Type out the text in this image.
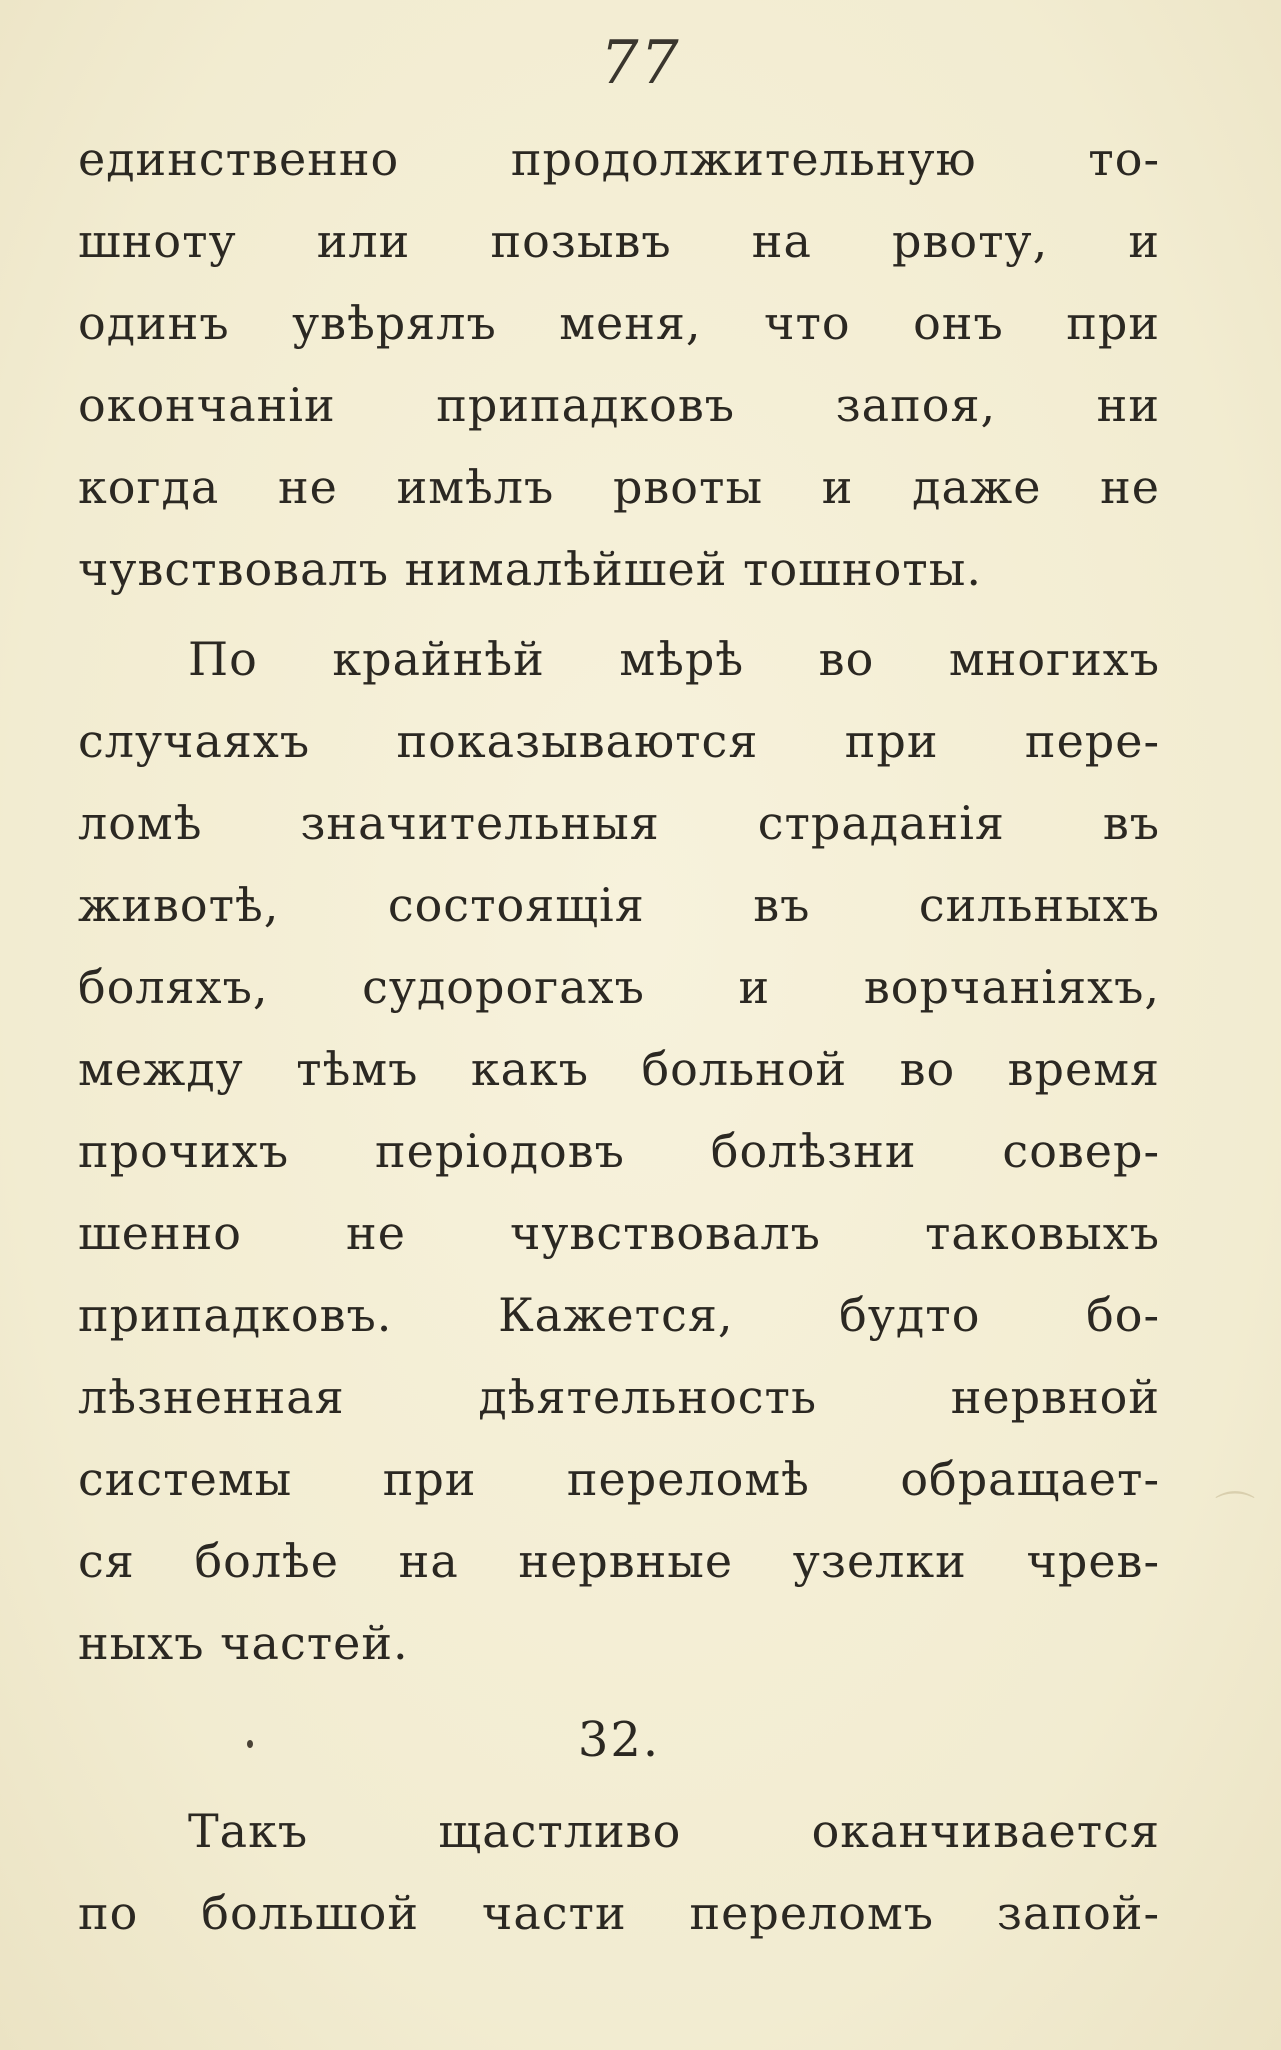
77
единственно продолжительную то-
шноту или позывъ на рвоту, и
одинъ увѣрялъ меня, что онъ при
окончаніи припадковъ запоя, ни
когда не имѣлъ рвоты и даже не
чувствовалъ нималѣйшей тошноты.
По крайнѣй мѣрѣ во многихъ
случаяхъ показываются при пере-
ломѣ значительныя страданія въ
животѣ, состоящія въ сильныхъ
боляхъ, судорогахъ и ворчаніяхъ,
между тѣмъ какъ больной во время
прочихъ періодовъ болѣзни совер-
шенно не чувствовалъ таковыхъ
припадковъ. Кажется, будто бо-
лѣзненная дѣятельность нервной
системы при переломѣ обращает-
ся болѣе на нервные узелки чрев-
ныхъ частей.
32.
Такъ щастливо оканчивается
по большой части переломъ запой-
⌒
